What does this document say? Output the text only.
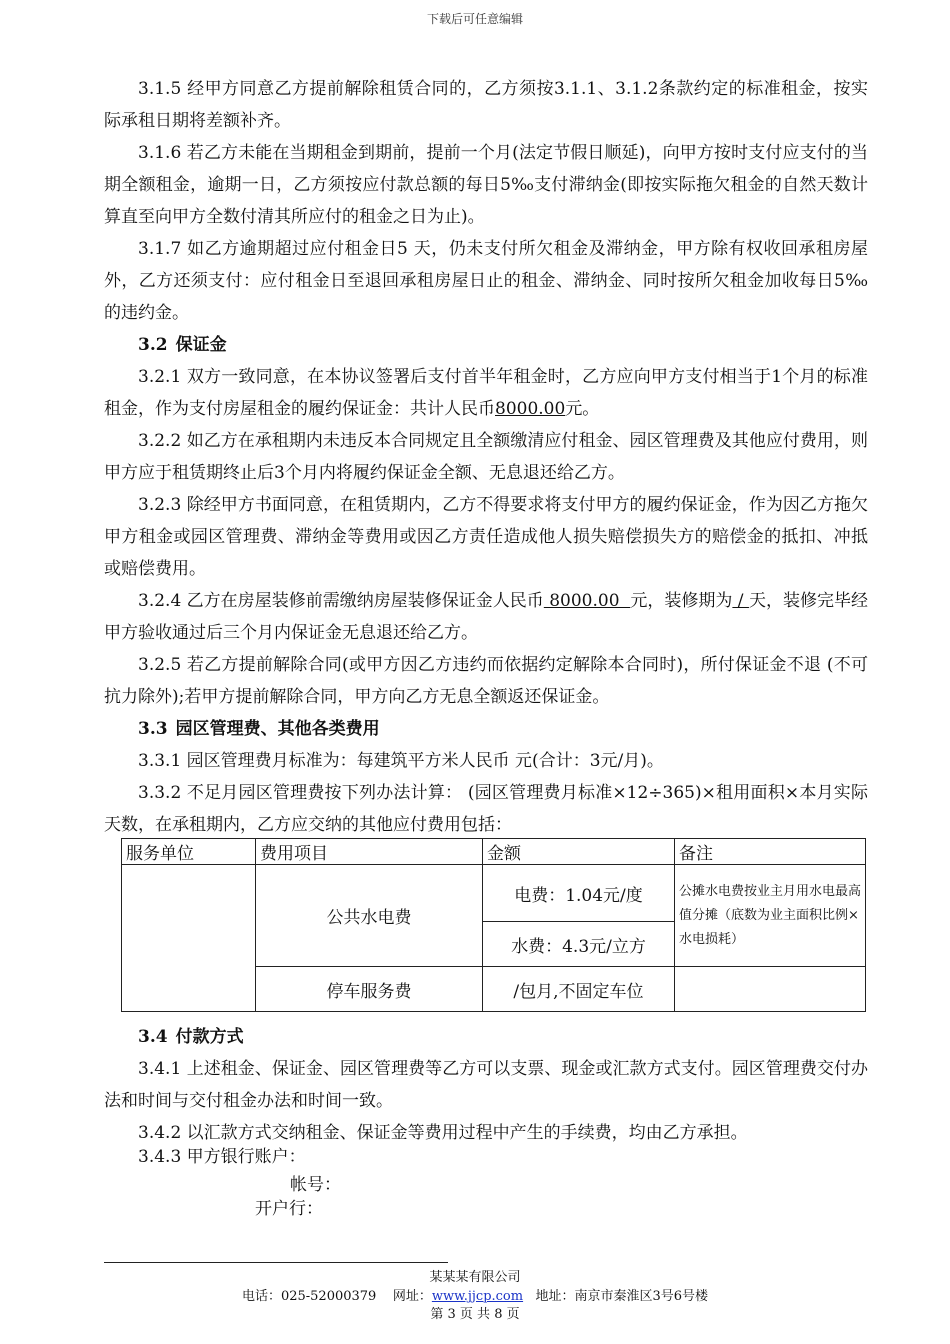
下载后可任意编辑

3.1.5 经甲方同意乙方提前解除租赁合同的，乙方须按3.1.1、3.1.2条款约定的标准租金，按实际承租日期将差额补齐。

3.1.6 若乙方未能在当期租金到期前，提前一个月(法定节假日顺延)，向甲方按时支付应支付的当期全额租金，逾期一日，乙方须按应付款总额的每日5‰支付滞纳金(即按实际拖欠租金的自然天数计算直至向甲方全数付清其所应付的租金之日为止)。

3.1.7 如乙方逾期超过应付租金日5 天，仍未支付所欠租金及滞纳金，甲方除有权收回承租房屋外，乙方还须支付：应付租金日至退回承租房屋日止的租金、滞纳金、同时按所欠租金加收每日5‰的违约金。

3.2 保证金

3.2.1 双方一致同意，在本协议签署后支付首半年租金时，乙方应向甲方支付相当于1个月的标准租金，作为支付房屋租金的履约保证金：共计人民币8000.00元。

3.2.2 如乙方在承租期内未违反本合同规定且全额缴清应付租金、园区管理费及其他应付费用，则甲方应于租赁期终止后3个月内将履约保证金全额、无息退还给乙方。

3.2.3 除经甲方书面同意，在租赁期内，乙方不得要求将支付甲方的履约保证金，作为因乙方拖欠甲方租金或园区管理费、滞纳金等费用或因乙方责任造成他人损失赔偿损失方的赔偿金的抵扣、冲抵或赔偿费用。

3.2.4 乙方在房屋装修前需缴纳房屋装修保证金人民币 8000.00  元，装修期为 / 天，装修完毕经甲方验收通过后三个月内保证金无息退还给乙方。

3.2.5 若乙方提前解除合同(或甲方因乙方违约而依据约定解除本合同时)，所付保证金不退 (不可抗力除外);若甲方提前解除合同，甲方向乙方无息全额返还保证金。

3.3 园区管理费、其他各类费用

3.3.1 园区管理费月标准为：每建筑平方米人民币 元(合计：3元/月)。

3.3.2 不足月园区管理费按下列办法计算： (园区管理费月标准×12÷365)×租用面积×本月实际天数，在承租期内，乙方应交纳的其他应付费用包括：

服务单位	费用项目	金额	备注
	公共水电费	电费：1.04元/度	公摊水电费按业主月用水电最高值分摊（底数为业主面积比例×水电损耗）
		水费：4.3元/立方	
	停车服务费	/包月,不固定车位	

3.4 付款方式

3.4.1 上述租金、保证金、园区管理费等乙方可以支票、现金或汇款方式支付。园区管理费交付办法和时间与交付租金办法和时间一致。

3.4.2 以汇款方式交纳租金、保证金等费用过程中产生的手续费，均由乙方承担。

3.4.3 甲方银行账户：

帐号：
开户行：
某某某有限公司
电话：025-52000379 网址：www.jjcp.com 地址：南京市秦淮区3号6号楼
第 3 页 共 8 页
